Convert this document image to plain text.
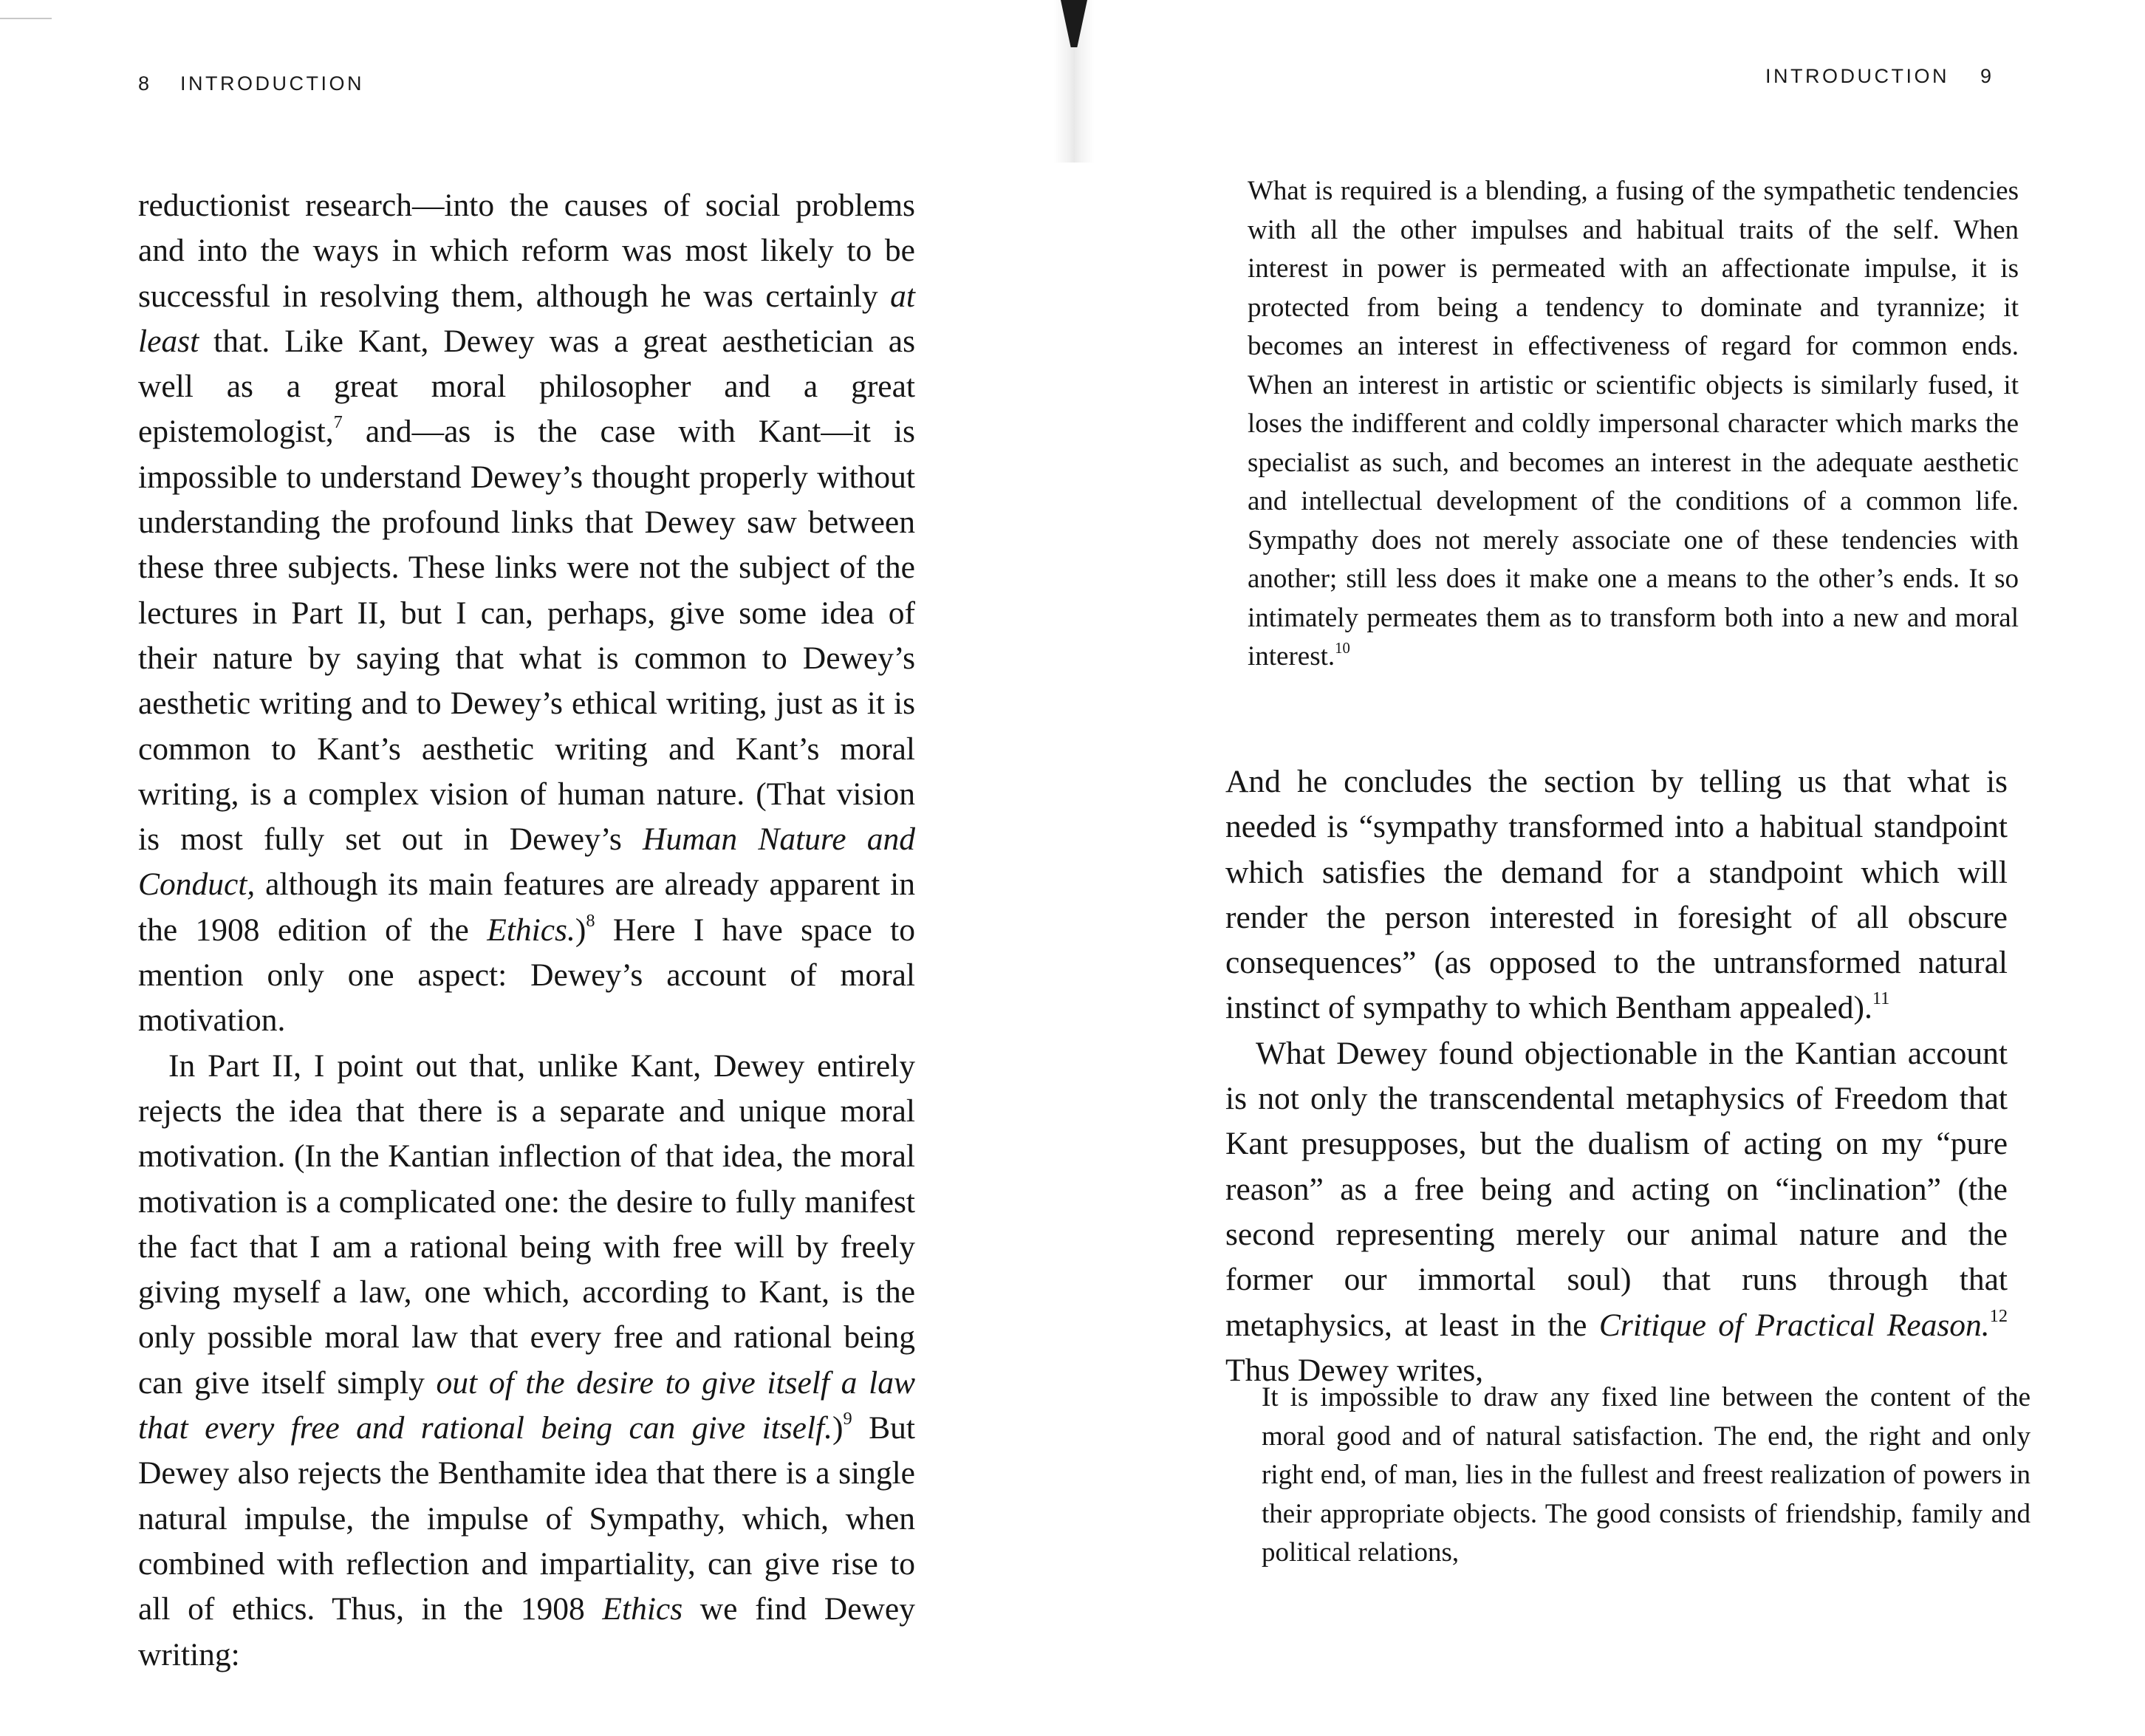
8 INTRODUCTION

reductionist research—into the causes of social problems and into the ways in which reform was most likely to be successful in resolving them, although he was certainly at least that. Like Kant, Dewey was a great aesthetician as well as a great moral philosopher and a great epistemologist,$^7$ and—as is the case with Kant—it is impossible to understand Dewey’s thought properly without understanding the profound links that Dewey saw between these three subjects. These links were not the subject of the lectures in Part II, but I can, perhaps, give some idea of their nature by saying that what is common to Dewey’s aesthetic writing and to Dewey’s ethical writing, just as it is common to Kant’s aesthetic writing and Kant’s moral writing, is a complex vision of human nature. (That vision is most fully set out in Dewey’s Human Nature and Conduct, although its main features are already apparent in the 1908 edition of the Ethics.)$^8$ Here I have space to mention only one aspect: Dewey’s account of moral motivation.

In Part II, I point out that, unlike Kant, Dewey entirely rejects the idea that there is a separate and unique moral motivation. (In the Kantian inflection of that idea, the moral motivation is a complicated one: the desire to fully manifest the fact that I am a rational being with free will by freely giving myself a law, one which, according to Kant, is the only possible moral law that every free and rational being can give itself simply out of the desire to give itself a law that every free and rational being can give itself.)$^9$ But Dewey also rejects the Benthamite idea that there is a single natural impulse, the impulse of Sympathy, which, when combined with reflection and impartiality, can give rise to all of ethics. Thus, in the 1908 Ethics we find Dewey writing:

INTRODUCTION 9

What is required is a blending, a fusing of the sympathetic tendencies with all the other impulses and habitual traits of the self. When interest in power is permeated with an affectionate impulse, it is protected from being a tendency to dominate and tyrannize; it becomes an interest in effectiveness of regard for common ends. When an interest in artistic or scientific objects is similarly fused, it loses the indifferent and coldly impersonal character which marks the specialist as such, and becomes an interest in the adequate aesthetic and intellectual development of the conditions of a common life. Sympathy does not merely associate one of these tendencies with another; still less does it make one a means to the other’s ends. It so intimately permeates them as to transform both into a new and moral interest.$^{10}$

And he concludes the section by telling us that what is needed is “sympathy transformed into a habitual standpoint which satisfies the demand for a standpoint which will render the person interested in foresight of all obscure consequences” (as opposed to the untransformed natural instinct of sympathy to which Bentham appealed).$^{11}$

What Dewey found objectionable in the Kantian account is not only the transcendental metaphysics of Freedom that Kant presupposes, but the dualism of acting on my “pure reason” as a free being and acting on “inclination” (the second representing merely our animal nature and the former our immortal soul) that runs through that metaphysics, at least in the Critique of Practical Reason.$^{12}$ Thus Dewey writes,

It is impossible to draw any fixed line between the content of the moral good and of natural satisfaction. The end, the right and only right end, of man, lies in the fullest and freest realization of powers in their appropriate objects. The good consists of friendship, family and political relations,
